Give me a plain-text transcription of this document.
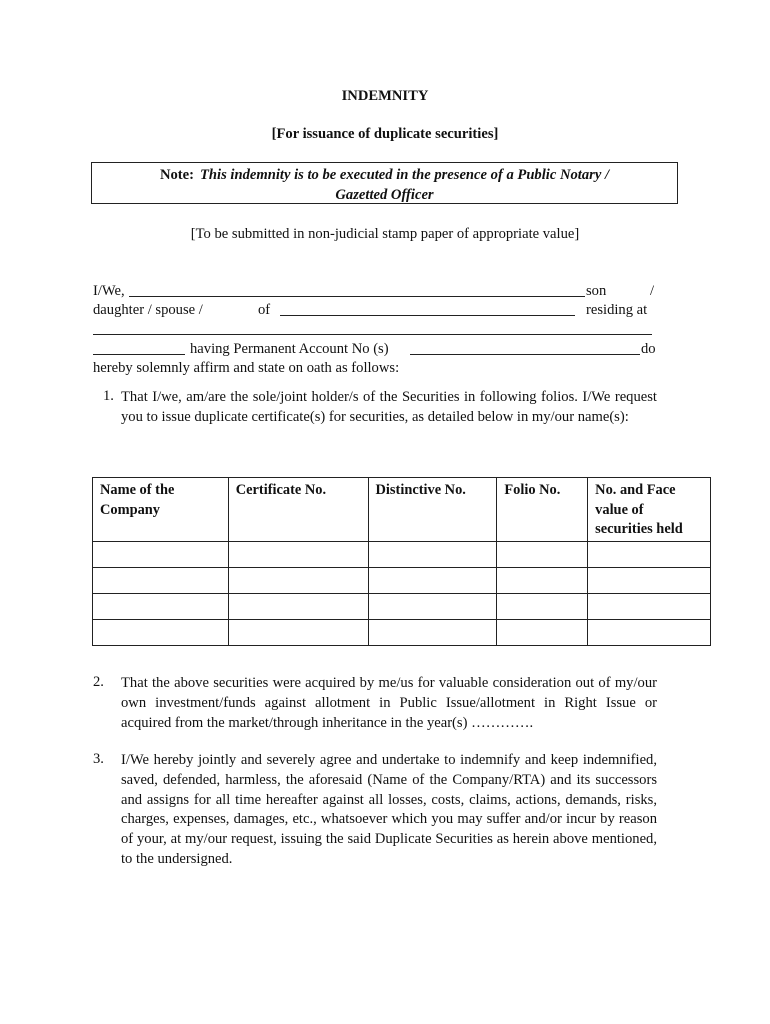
INDEMNITY
[For issuance of duplicate securities]
Note: This indemnity is to be executed in the presence of a Public Notary /
Gazetted Officer
[To be submitted in non-judicial stamp paper of appropriate value]
I/We,	son	/
daughter / spouse /	of	residing at
having Permanent Account No (s)	do
hereby solemnly affirm and state on oath as follows:
1. That I/we, am/are the sole/joint holder/s of the Securities in following folios. I/We request you to issue duplicate certificate(s) for securities, as detailed below in my/our name(s):
Name of the Company	Certificate No.	Distinctive No.	Folio No.	No. and Face value of securities held

2. That the above securities were acquired by me/us for valuable consideration out of my/our own investment/funds against allotment in Public Issue/allotment in Right Issue or acquired from the market/through inheritance in the year(s) ………….
3. I/We hereby jointly and severely agree and undertake to indemnify and keep indemnified, saved, defended, harmless, the aforesaid (Name of the Company/RTA) and its successors and assigns for all time hereafter against all losses, costs, claims, actions, demands, risks, charges, expenses, damages, etc., whatsoever which you may suffer and/or incur by reason of your, at my/our request, issuing the said Duplicate Securities as herein above mentioned, to the undersigned.
